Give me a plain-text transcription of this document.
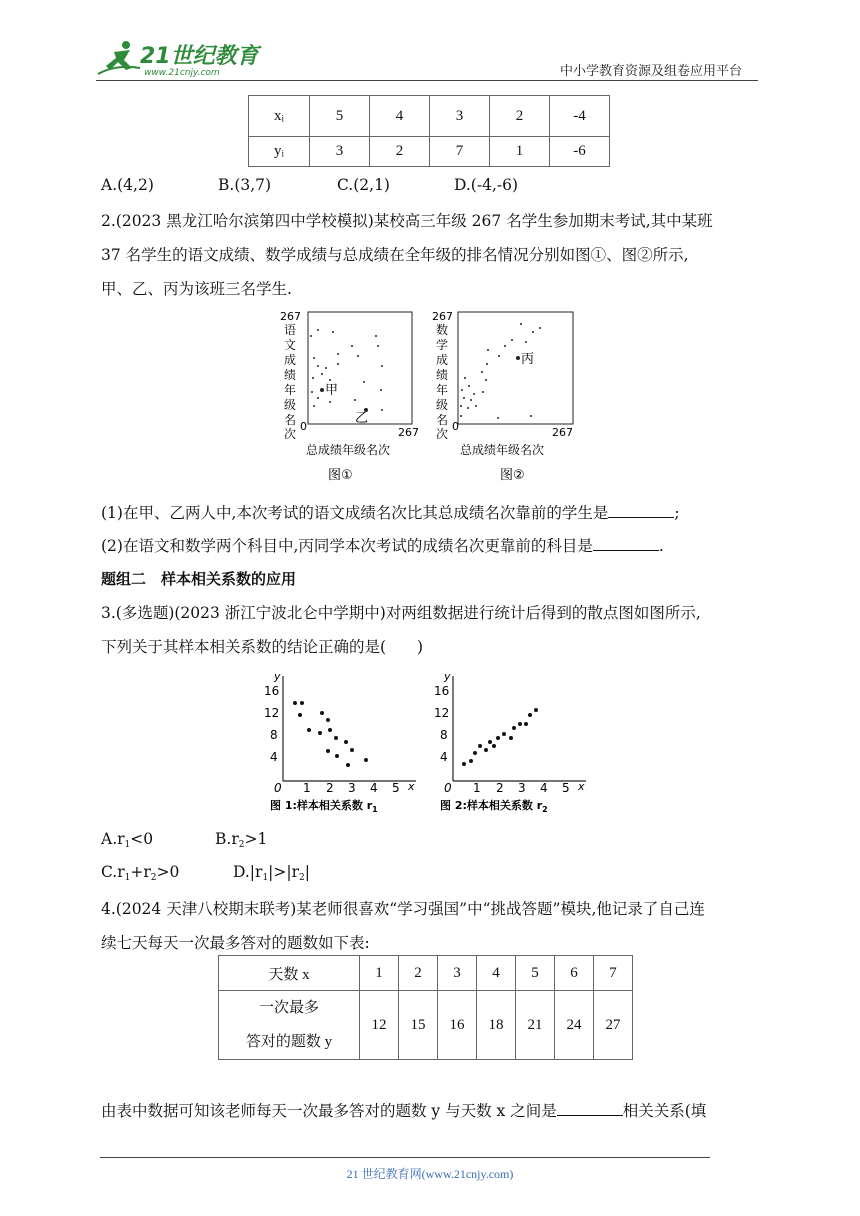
21世纪教育
www.21cnjy.com	中小学教育资源及组卷应用平台
xᵢ	5	4	3	2	-4
yᵢ	3	2	7	1	-6
A.(4,2)	B.(3,7)	C.(2,1)	D.(-4,-6)
2.(2023 黑龙江哈尔滨第四中学校模拟)某校高三年级 267 名学生参加期末考试,其中某班
37 名学生的语文成绩、数学成绩与总成绩在全年级的排名情况分别如图①、图②所示,
甲、乙、丙为该班三名学生.
267
0	267
语文成绩年级名次
总成绩年级名次
图①
甲
乙
267
0	267
数学成绩年级名次
总成绩年级名次
图②
丙
(1)在甲、乙两人中,本次考试的语文成绩名次比其总成绩名次靠前的学生是	;
(2)在语文和数学两个科目中,丙同学本次考试的成绩名次更靠前的科目是	.
题组二　样本相关系数的应用
3.(多选题)(2023 浙江宁波北仑中学期中)对两组数据进行统计后得到的散点图如图所示,
下列关于其样本相关系数的结论正确的是(　　)
y
x
0
16
12
8
4
1 2 3 4 5
图 1:样本相关系数 $r_1$
y
x
0
16
12
8
4
1 2 3 4 5
图 2:样本相关系数 $r_2$
A.r1<0	B.r2>1
C.r1+r2>0	D.|r1|>|r2|
4.(2024 天津八校期末联考)某老师很喜欢“学习强国”中“挑战答题”模块,他记录了自己连
续七天每天一次最多答对的题数如下表:
天数 x	1	2	3	4	5	6	7

一次最多
答对的题数 y	12	15	16	18	21	24	27
由表中数据可知该老师每天一次最多答对的题数 y 与天数 x 之间是	相关关系(填
21 世纪教育网(www.21cnjy.com)
